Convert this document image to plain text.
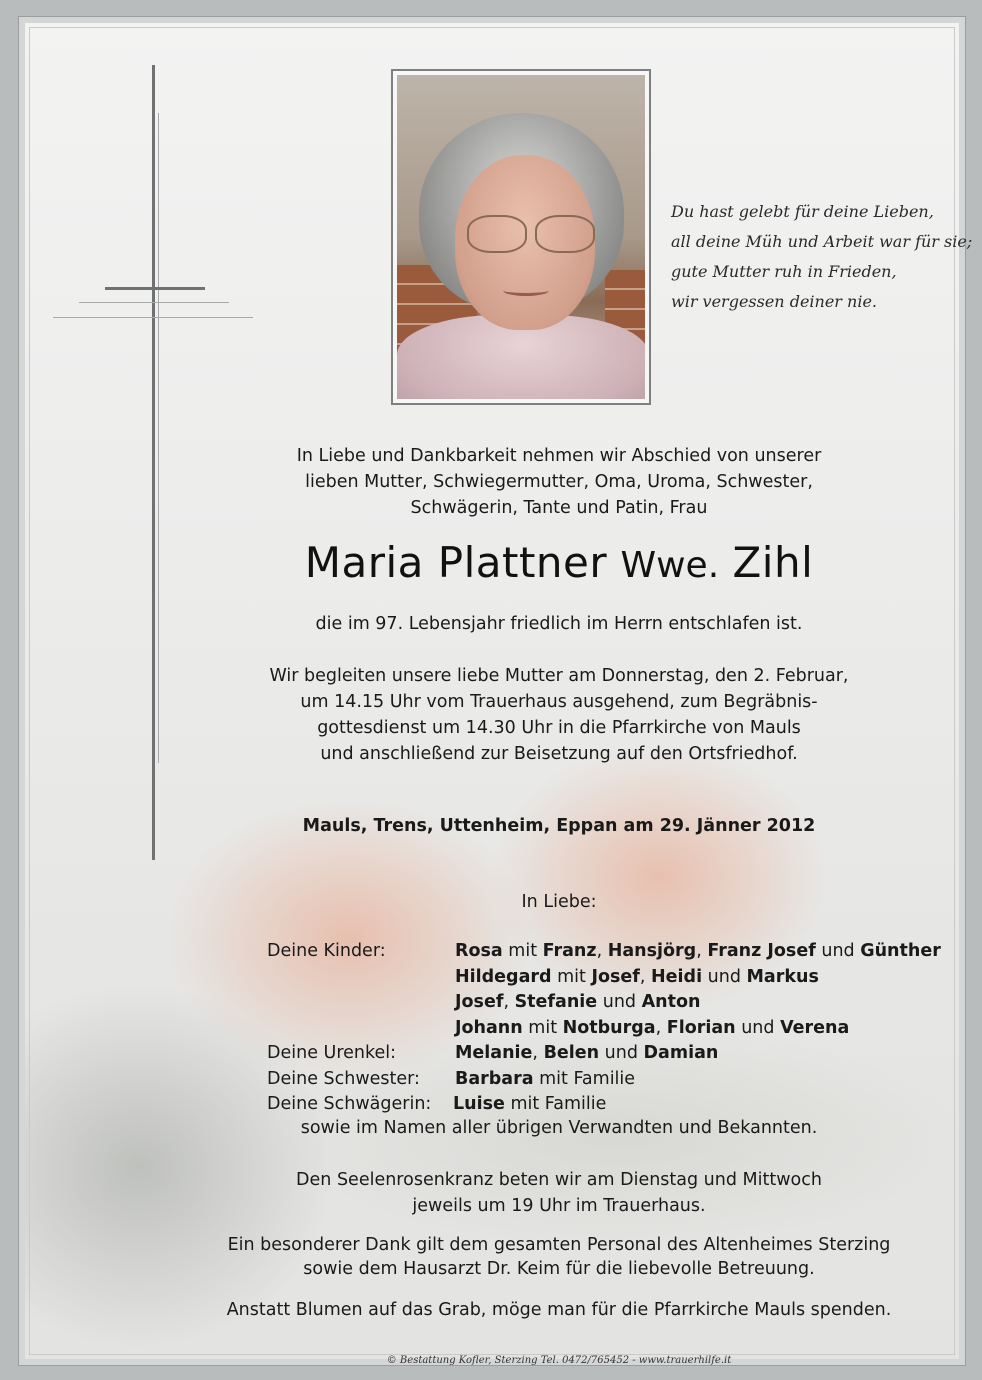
Du hast gelebt für deine Lieben,
all deine Müh und Arbeit war für sie;
gute Mutter ruh in Frieden,
wir vergessen deiner nie.
In Liebe und Dankbarkeit nehmen wir Abschied von unserer
lieben Mutter, Schwiegermutter, Oma, Uroma, Schwester,
Schwägerin, Tante und Patin, Frau
Maria Plattner Wwe. Zihl
die im 97. Lebensjahr friedlich im Herrn entschlafen ist.
Wir begleiten unsere liebe Mutter am Donnerstag, den 2. Februar,
um 14.15 Uhr vom Trauerhaus ausgehend, zum Begräbnis-
gottesdienst um 14.30 Uhr in die Pfarrkirche von Mauls
und anschließend zur Beisetzung auf den Ortsfriedhof.
Mauls, Trens, Uttenheim, Eppan am 29. Jänner 2012
In Liebe:
Deine Kinder:	Rosa mit Franz, Hansjörg, Franz Josef und Günther
Hildegard mit Josef, Heidi und Markus
Josef, Stefanie und Anton
Johann mit Notburga, Florian und Verena
Deine Urenkel:	Melanie, Belen und Damian
Deine Schwester:	Barbara mit Familie
Deine Schwägerin:	Luise mit Familie
sowie im Namen aller übrigen Verwandten und Bekannten.
Den Seelenrosenkranz beten wir am Dienstag und Mittwoch
jeweils um 19 Uhr im Trauerhaus.
Ein besonderer Dank gilt dem gesamten Personal des Altenheimes Sterzing
sowie dem Hausarzt Dr. Keim für die liebevolle Betreuung.
Anstatt Blumen auf das Grab, möge man für die Pfarrkirche Mauls spenden.
© Bestattung Kofler, Sterzing Tel. 0472/765452 - www.trauerhilfe.it
